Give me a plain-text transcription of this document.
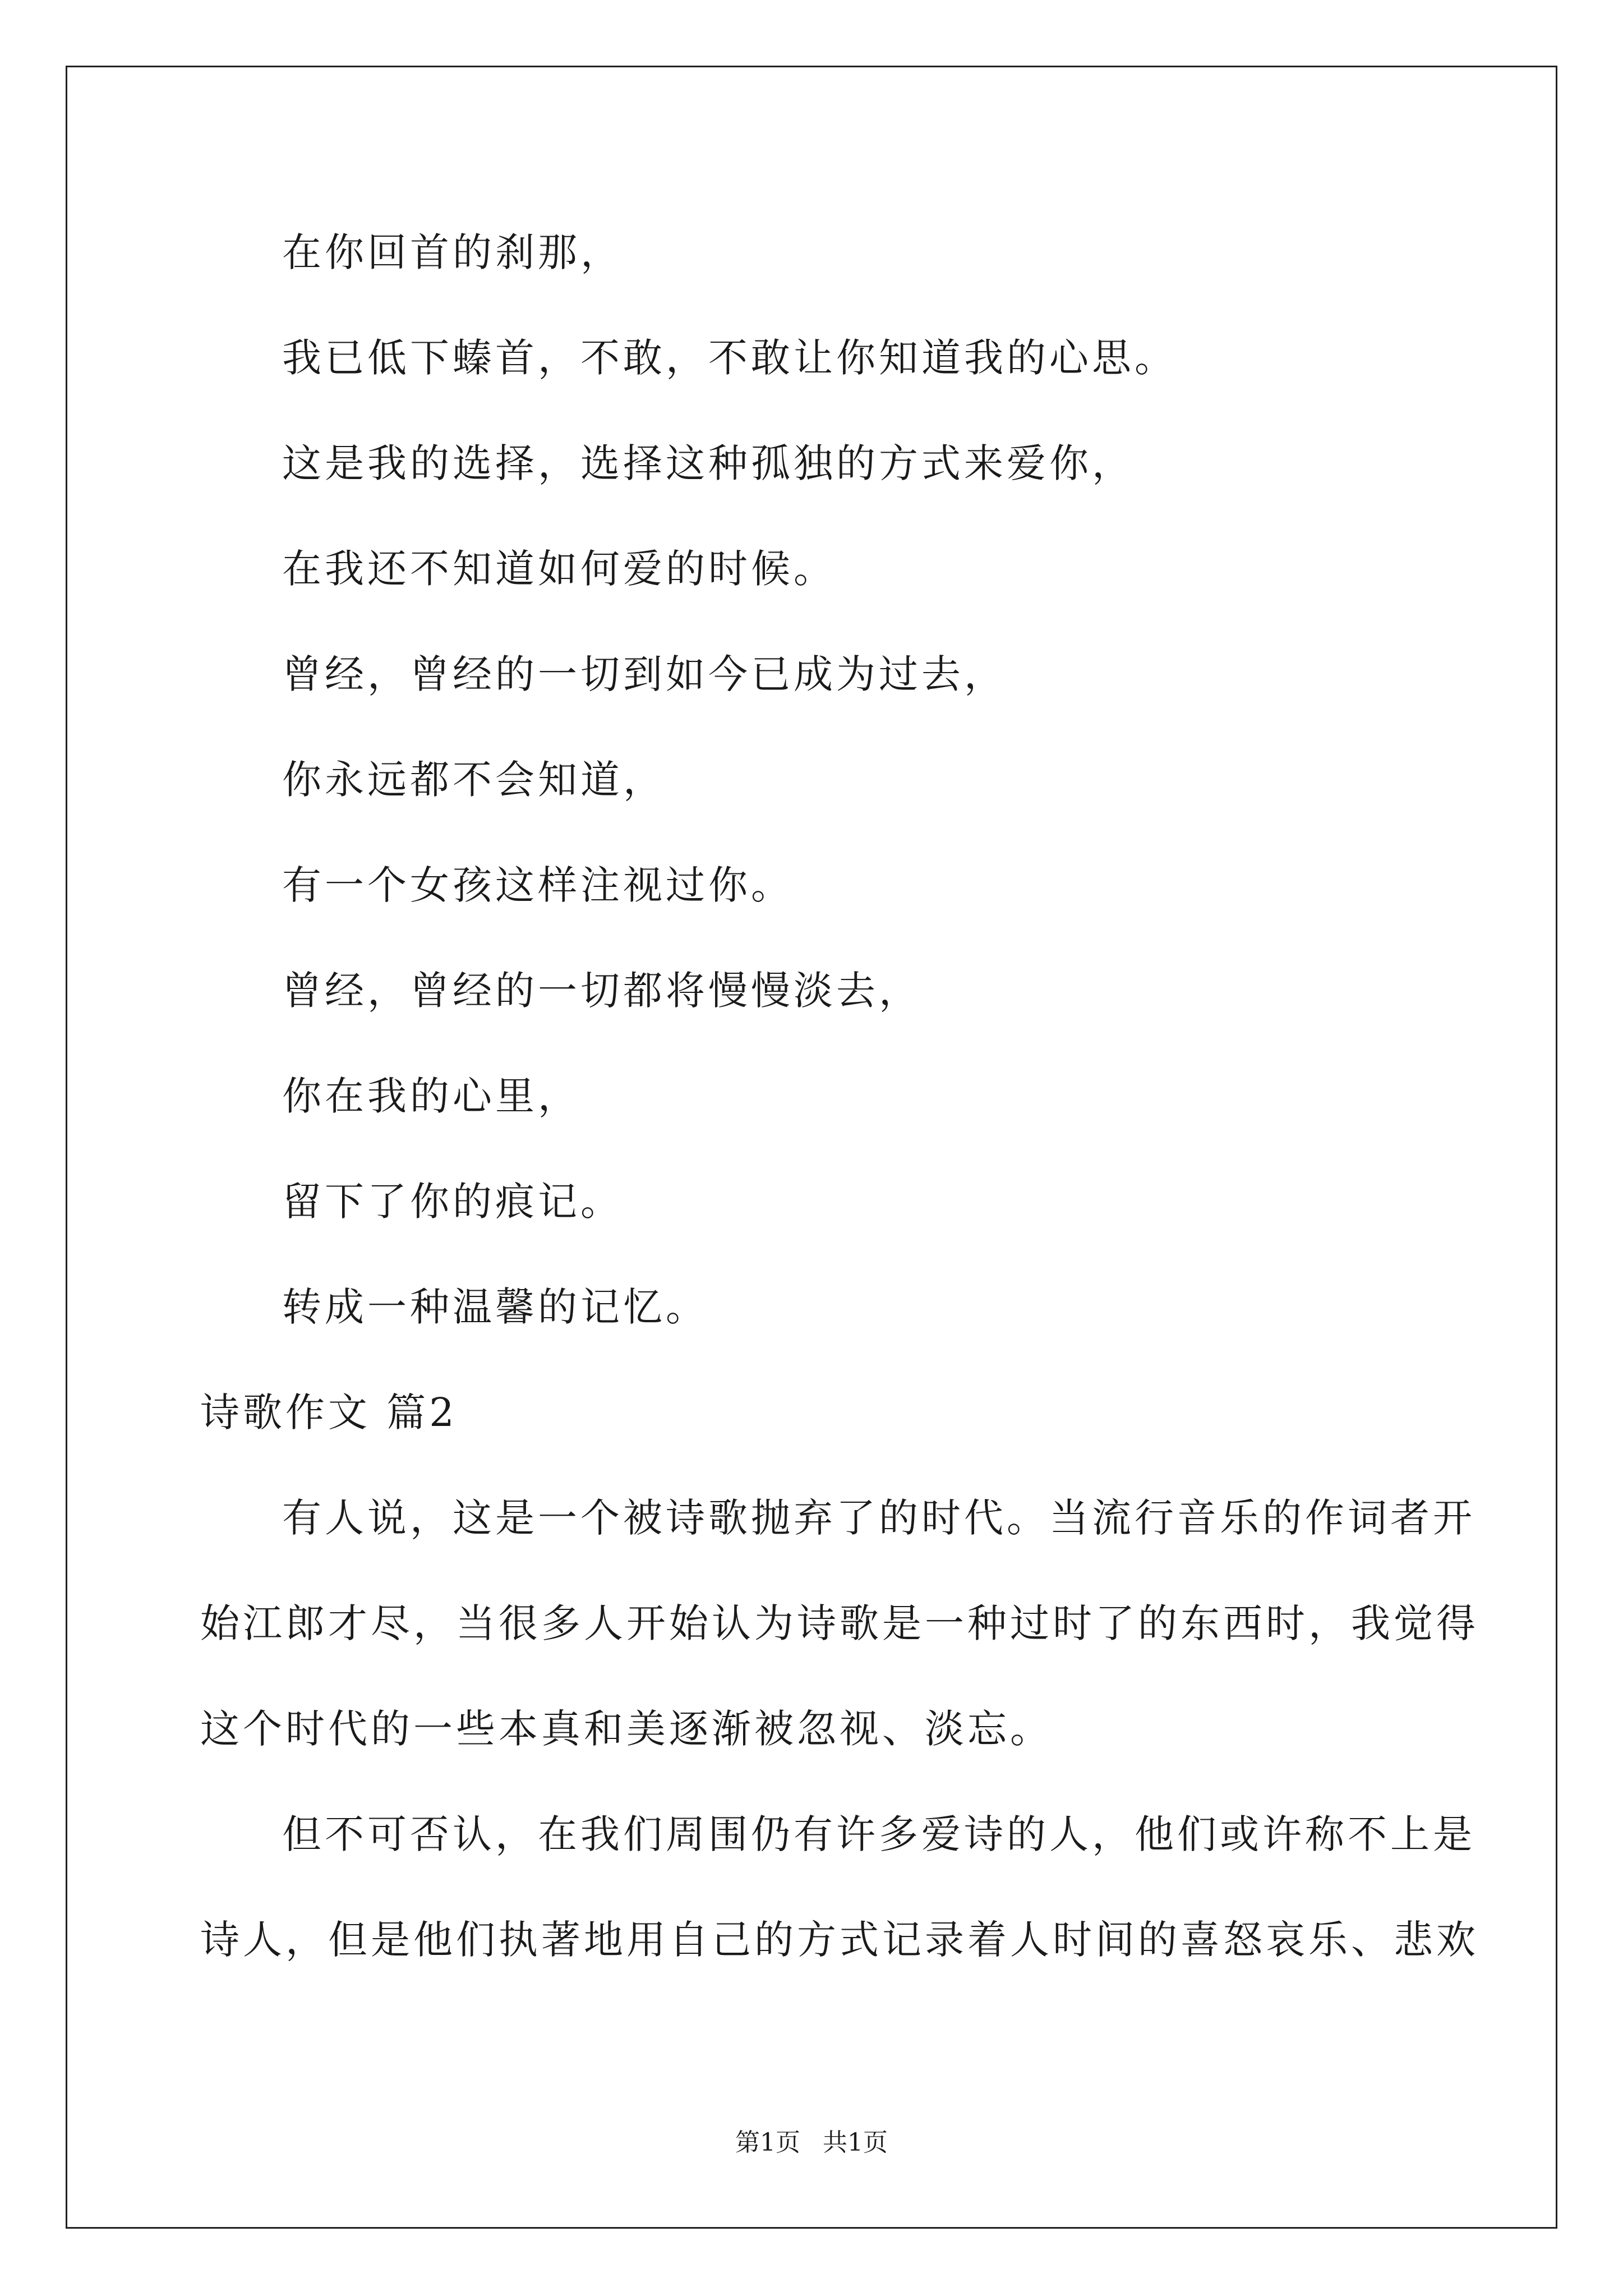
在你回首的刹那，
我已低下螓首，不敢，不敢让你知道我的心思。
这是我的选择，选择这种孤独的方式来爱你，
在我还不知道如何爱的时候。
曾经，曾经的一切到如今已成为过去，
你永远都不会知道，
有一个女孩这样注视过你。
曾经，曾经的一切都将慢慢淡去，
你在我的心里，
留下了你的痕记。
转成一种温馨的记忆。
诗歌作文 篇2
有人说，这是一个被诗歌抛弃了的时代。当流行音乐的作词者开
始江郎才尽，当很多人开始认为诗歌是一种过时了的东西时，我觉得
这个时代的一些本真和美逐渐被忽视、淡忘。
但不可否认，在我们周围仍有许多爱诗的人，他们或许称不上是
诗人，但是他们执著地用自己的方式记录着人时间的喜怒哀乐、悲欢
第1页 共1页
